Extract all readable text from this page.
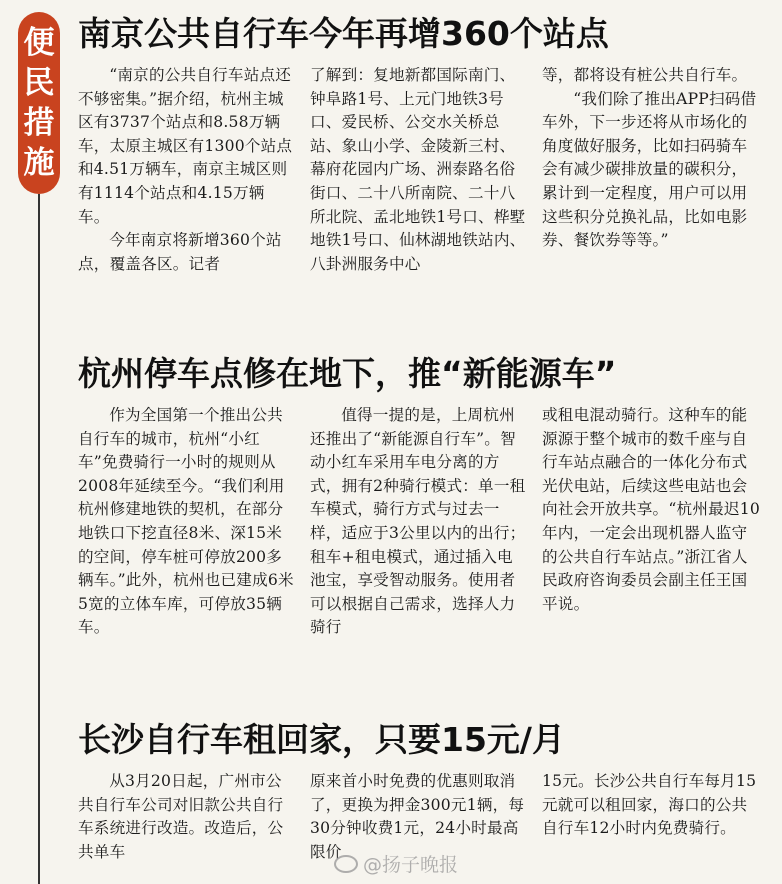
便
民
措
施
南京公共自行车今年再增360个站点

“南京的公共自行车站点还不够密集。”据介绍，杭州主城区有3737个站点和8.58万辆车，太原主城区有1300个站点和4.51万辆车，南京主城区则有1114个站点和4.15万辆车。

今年南京将新增360个站点，覆盖各区。记者

了解到：复地新都国际南门、钟阜路1号、上元门地铁3号口、爱民桥、公交水关桥总站、象山小学、金陵新三村、幕府花园内广场、洲泰路名俗街口、二十八所南院、二十八所北院、孟北地铁1号口、桦墅地铁1号口、仙林湖地铁站内、八卦洲服务中心

等，都将设有桩公共自行车。

“我们除了推出APP扫码借车外，下一步还将从市场化的角度做好服务，比如扫码骑车会有减少碳排放量的碳积分，累计到一定程度，用户可以用这些积分兑换礼品，比如电影券、餐饮券等等。”

杭州停车点修在地下，推“新能源车”

作为全国第一个推出公共自行车的城市，杭州“小红车”免费骑行一小时的规则从2008年延续至今。“我们利用杭州修建地铁的契机，在部分地铁口下挖直径8米、深15米的空间，停车桩可停放200多辆车。”此外，杭州也已建成6米5宽的立体车库，可停放35辆车。

值得一提的是，上周杭州还推出了“新能源自行车”。智动小红车采用车电分离的方式，拥有2种骑行模式：单一租车模式，骑行方式与过去一样，适应于3公里以内的出行；租车+租电模式，通过插入电池宝，享受智动服务。使用者可以根据自己需求，选择人力骑行

或租电混动骑行。这种车的能源源于整个城市的数千座与自行车站点融合的一体化分布式光伏电站，后续这些电站也会向社会开放共享。“杭州最迟10年内，一定会出现机器人监守的公共自行车站点。”浙江省人民政府咨询委员会副主任王国平说。

长沙自行车租回家，只要15元/月

从3月20日起，广州市公共自行车公司对旧款公共自行车系统进行改造。改造后，公共单车

原来首小时免费的优惠则取消了，更换为押金300元1辆，每30分钟收费1元，24小时最高限价

15元。长沙公共自行车每月15元就可以租回家，海口的公共自行车12小时内免费骑行。

@扬子晚报
